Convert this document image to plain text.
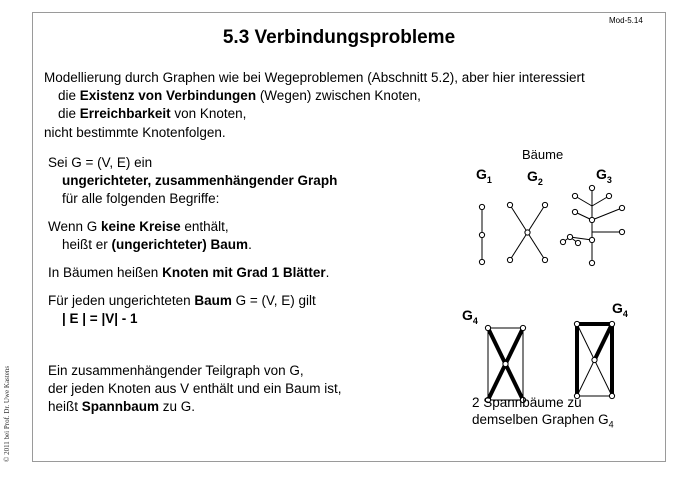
Mod-5.14
5.3 Verbindungsprobleme
Modellierung durch Graphen wie bei Wegeproblemen (Abschnitt 5.2), aber hier interessiert
die Existenz von Verbindungen (Wegen) zwischen Knoten,
die Erreichbarkeit von Knoten,
nicht bestimmte Knotenfolgen.
Sei G = (V, E) ein
ungerichteter, zusammenhängender Graph
für alle folgenden Begriffe:
Wenn G keine Kreise enthält,
heißt er (ungerichteter) Baum.
In Bäumen heißen Knoten mit Grad 1 Blätter.
Für jeden ungerichteten Baum G = (V, E) gilt
| E | = |V| - 1
Ein zusammenhängender Teilgraph von G,
der jeden Knoten aus V enthält und ein Baum ist,
heißt Spannbaum zu G.
© 2011 bei Prof. Dr. Uwe Kastens
Bäume
$G_1$	$G_2$	$G_3$
$G_4$
$G_4$
2 Spannbäume zu
demselben Graphen $G_4$
